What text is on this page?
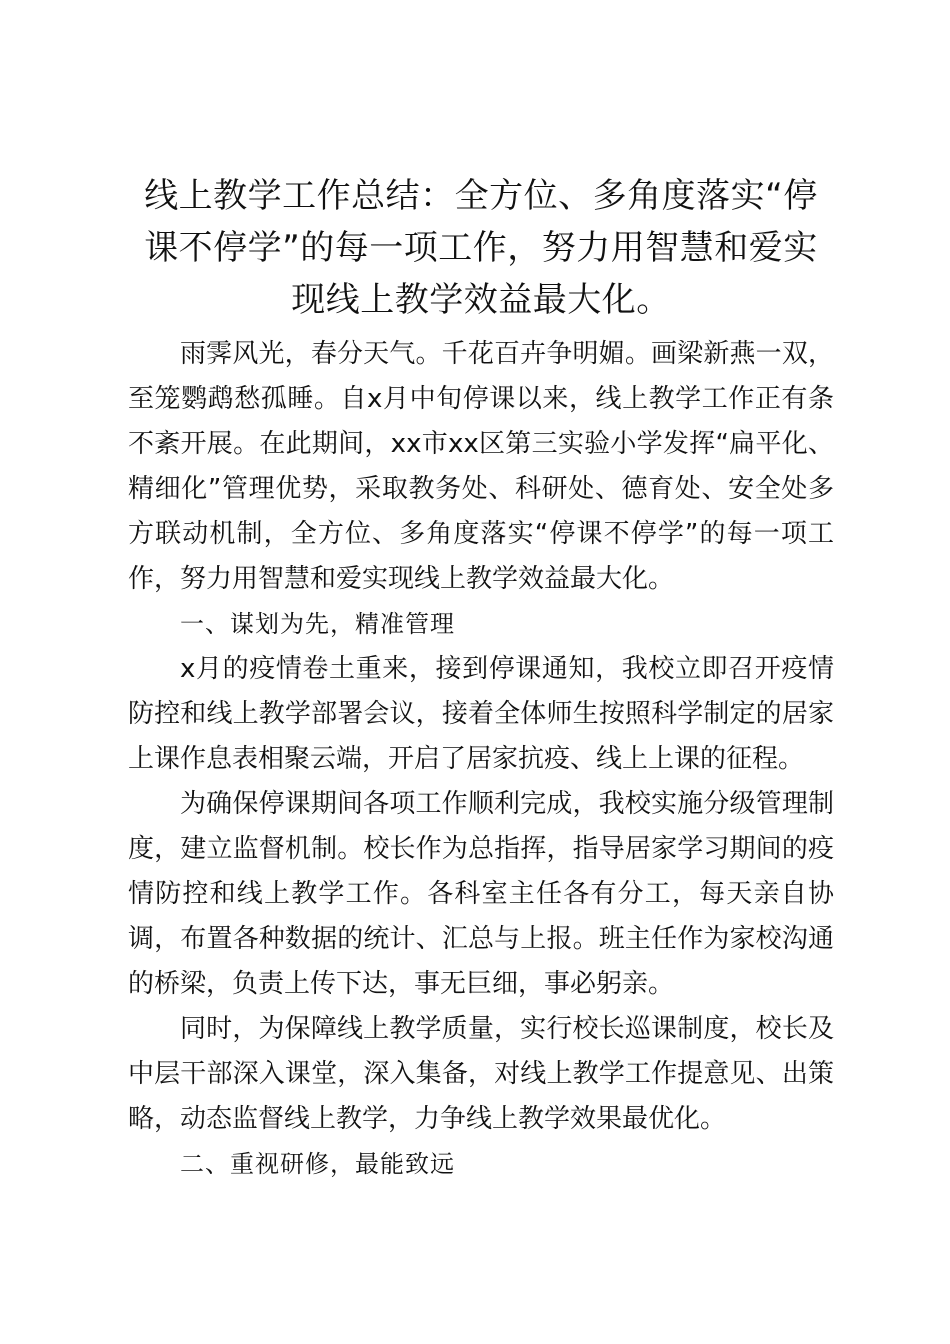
线上教学工作总结：全方位、多角度落实“停课不停学”的每一项工作，努力用智慧和爱实现线上教学效益最大化。

雨霁风光，春分天气。千花百卉争明媚。画梁新燕一双，至笼鹦鹉愁孤睡。自x月中旬停课以来，线上教学工作正有条不紊开展。在此期间，xx市xx区第三实验小学发挥“扁平化、精细化”管理优势，采取教务处、科研处、德育处、安全处多方联动机制，全方位、多角度落实“停课不停学”的每一项工作，努力用智慧和爱实现线上教学效益最大化。

一、谋划为先，精准管理

x月的疫情卷土重来，接到停课通知，我校立即召开疫情防控和线上教学部署会议，接着全体师生按照科学制定的居家上课作息表相聚云端，开启了居家抗疫、线上上课的征程。

为确保停课期间各项工作顺利完成，我校实施分级管理制度，建立监督机制。校长作为总指挥，指导居家学习期间的疫情防控和线上教学工作。各科室主任各有分工，每天亲自协调，布置各种数据的统计、汇总与上报。班主任作为家校沟通的桥梁，负责上传下达，事无巨细，事必躬亲。

同时，为保障线上教学质量，实行校长巡课制度，校长及中层干部深入课堂，深入集备，对线上教学工作提意见、出策略，动态监督线上教学，力争线上教学效果最优化。

二、重视研修，最能致远
